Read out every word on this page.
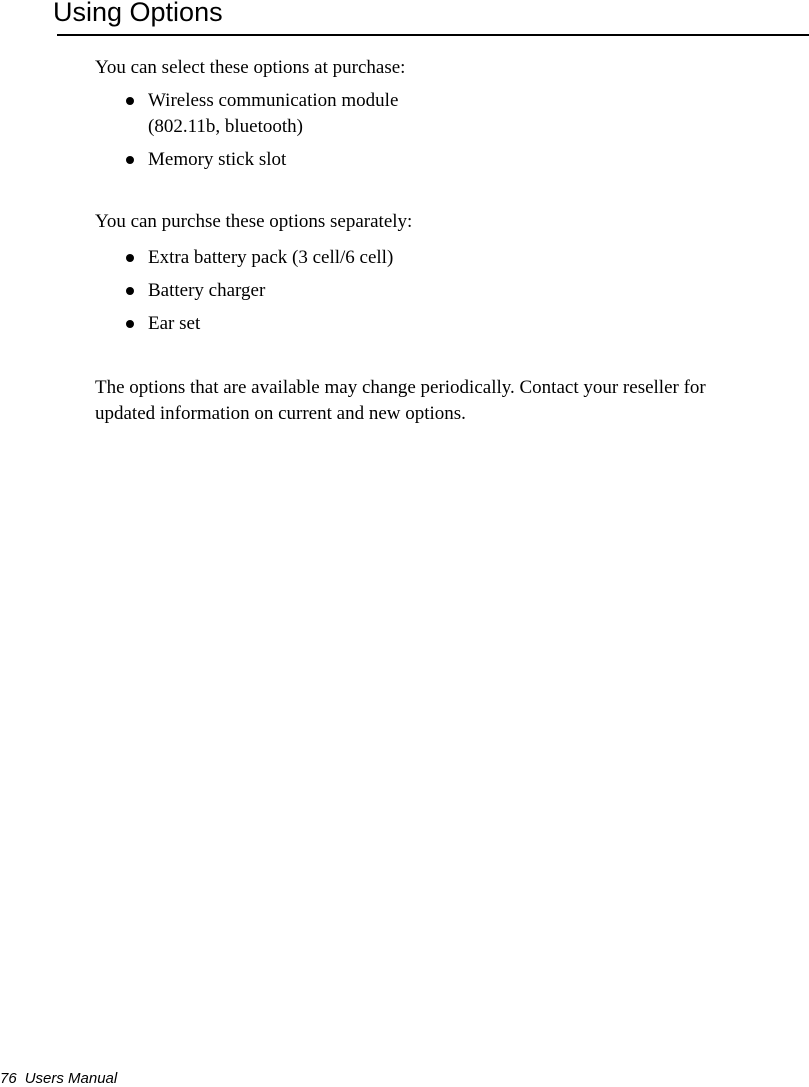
Using Options

You can select these options at purchase:

Wireless communication module
(802.11b, bluetooth)
Memory stick slot

You can purchse these options separately:

Extra battery pack (3 cell/6 cell)
Battery charger
Ear set

The options that are available may change periodically. Contact your reseller for
updated information on current and new options.

76 Users Manual
